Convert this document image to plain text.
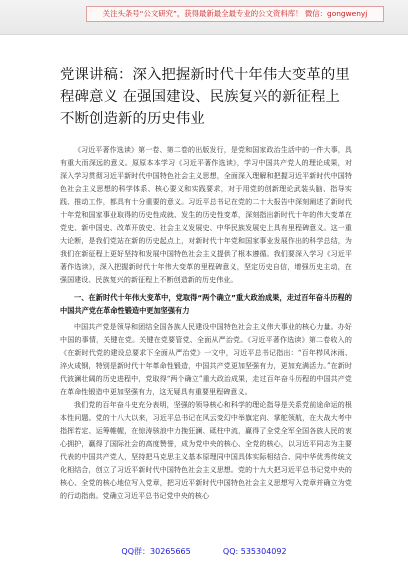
关注头条号“公文研究”，获得最新最全最专业的公文资料库！ 微信：gongwenyj
党课讲稿：深入把握新时代十年伟大变革的里程碑意义 在强国建设、民族复兴的新征程上不断创造新的历史伟业

《习近平著作选读》第一卷、第二卷的出版发行，是党和国家政治生活中的一件大事，具有重大而深远的意义。原原本本学习《习近平著作选读》，学习中国共产党人的理论成果，对深入学习贯彻习近平新时代中国特色社会主义思想，全面深入理解和把握习近平新时代中国特色社会主义思想的科学体系、核心要义和实践要求，对于用党的创新理论武装头脑、指导实践、推动工作，都具有十分重要的意义。习近平总书记在党的二十大报告中深刻阐述了新时代十年党和国家事业取得的历史性成就、发生的历史性变革，深刻指出新时代十年的伟大变革在党史、新中国史、改革开放史、社会主义发展史、中华民族发展史上具有里程碑意义。这一重大论断，是我们党站在新的历史起点上，对新时代十年党和国家事业发展作出的科学总结，为我们在新征程上更好坚持和发展中国特色社会主义提供了根本遵循。我们要深入学习《习近平著作选读》，深入把握新时代十年伟大变革的里程碑意义，坚定历史自信，增强历史主动，在强国建设、民族复兴的新征程上不断创造新的历史伟业。

一、在新时代十年伟大变革中，党取得“两个确立”重大政治成果，走过百年奋斗历程的中国共产党在革命性锻造中更加坚强有力

中国共产党是领导和团结全国各族人民建设中国特色社会主义伟大事业的核心力量。办好中国的事情，关键在党。关键在党要管党、全面从严治党。《习近平著作选读》第二卷收入的《在新时代党的建设总要求下全面从严治党》一文中，习近平总书记指出：“百年栉风沐雨、淬火成钢，特别是新时代十年革命性锻造，中国共产党更加坚强有力，更加充满活力。”在新时代波澜壮阔的历史进程中，党取得“两个确立”重大政治成果，走过百年奋斗历程的中国共产党在革命性锻造中更加坚强有力，这无疑具有重要里程碑意义。

我们党的百年奋斗史充分表明，坚强的领导核心和科学的理论指导是关系党前途命运的根本性问题。党的十八大以来，习近平总书记在风云变幻中举旗定向、掌舵领航，在大战大考中指挥若定、运筹帷幄，在惊涛骇浪中力挽狂澜、砥柱中流，赢得了全党全军全国各族人民的衷心拥护，赢得了国际社会的高度赞誉，成为党中央的核心、全党的核心，以习近平同志为主要代表的中国共产党人，坚持把马克思主义基本原理同中国具体实际相结合、同中华优秀传统文化相结合，创立了习近平新时代中国特色社会主义思想。党的十九大把习近平总书记党中央的核心、全党的核心地位写入党章，把习近平新时代中国特色社会主义思想写入党章并确立为党的行动指南。党确立习近平总书记党中央的核心

QQ群：30265665	QQ: 535304092
